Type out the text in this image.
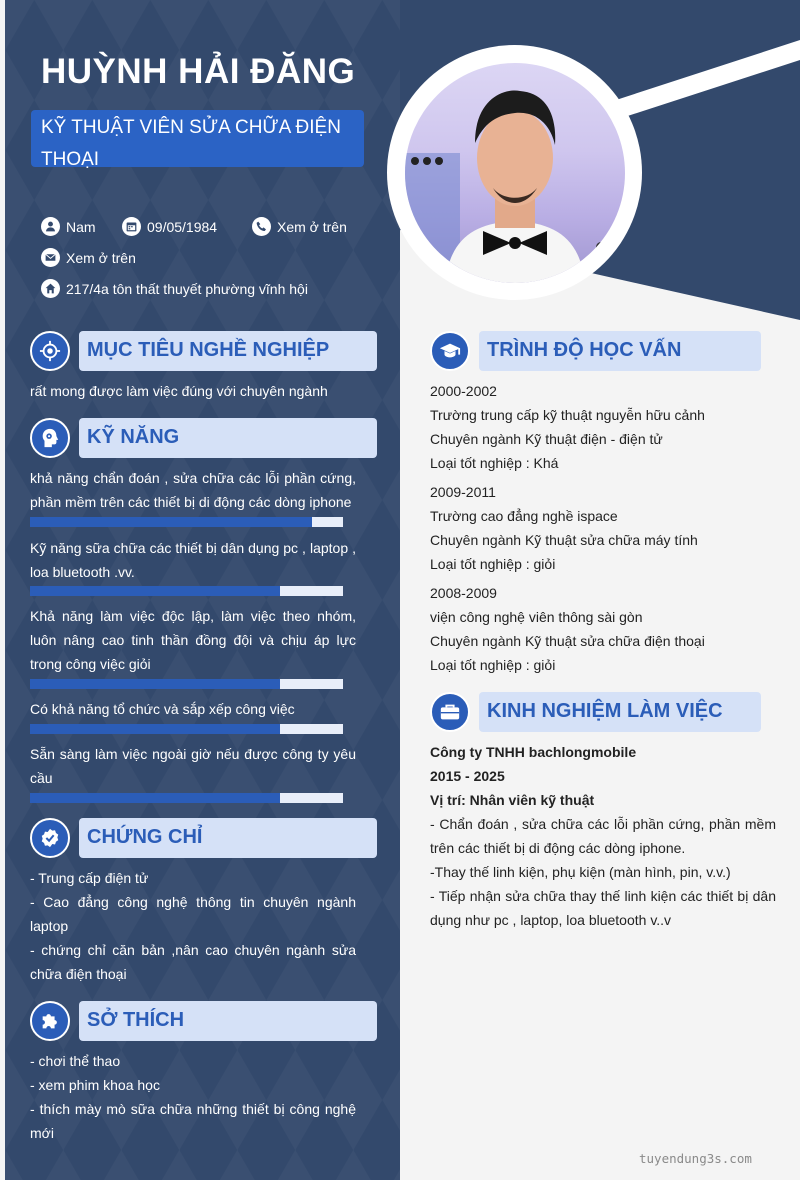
HUỲNH HẢI ĐĂNG
KỸ THUẬT VIÊN SỬA CHỮA ĐIỆN THOẠI
Nam	09/05/1984	Xem ở trên
Xem ở trên
217/4a tôn thất thuyết phường vĩnh hội
MỤC TIÊU NGHỀ NGHIỆP
rất mong được làm việc đúng với chuyên ngành
KỸ NĂNG
khả năng chẩn đoán , sửa chữa các lỗi phần cứng, phần mềm trên các thiết bị di động các dòng iphone
Kỹ năng sữa chữa các thiết bị dân dụng pc , laptop , loa bluetooth .vv.
Khả năng làm việc độc lập, làm việc theo nhóm, luôn nâng cao tinh thần đồng đội và chịu áp lực trong công việc giỏi
Có khả năng tổ chức và sắp xếp công việc
Sẵn sàng làm việc ngoài giờ nếu được công ty yêu cầu
CHỨNG CHỈ
- Trung cấp điện tử
- Cao đẳng công nghệ thông tin chuyên ngành laptop
- chứng chỉ căn bản ,nân cao chuyên ngành sửa chữa điện thoại
SỞ THÍCH
- chơi thể thao
- xem phim khoa học
- thích mày mò sữa chữa những thiết bị công nghệ mới
TRÌNH ĐỘ HỌC VẤN
2000-2002
Trường trung cấp kỹ thuật nguyễn hữu cảnh
Chuyên ngành Kỹ thuật điện - điện tử
Loại tốt nghiệp : Khá
2009-2011
Trường cao đẳng nghề ispace
Chuyên ngành Kỹ thuật sửa chữa máy tính
Loại tốt nghiệp : giỏi
2008-2009
viện công nghệ viên thông sài gòn
Chuyên ngành Kỹ thuật sửa chữa điện thoại
Loại tốt nghiệp : giỏi
KINH NGHIỆM LÀM VIỆC
Công ty TNHH bachlongmobile
2015 - 2025
Vị trí: Nhân viên kỹ thuật
- Chẩn đoán , sửa chữa các lỗi phần cứng, phần mềm trên các thiết bị di động các dòng iphone.
-Thay thế linh kiện, phụ kiện (màn hình, pin, v.v.)
- Tiếp nhận sửa chữa thay thế linh kiện các thiết bị dân dụng như pc , laptop, loa bluetooth v..v
tuyendung3s.com
